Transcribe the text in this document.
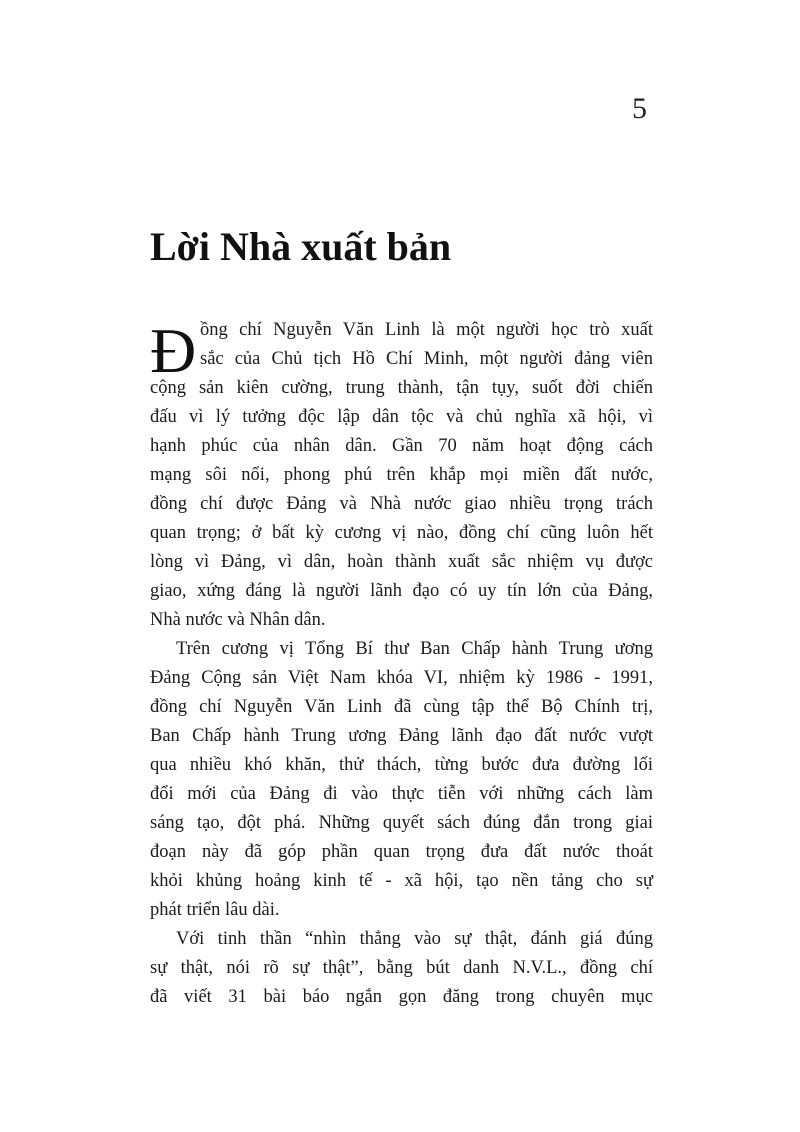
5
Lời Nhà xuất bản
Đ ồng chí Nguyễn Văn Linh là một người học trò xuất
sắc của Chủ tịch Hồ Chí Minh, một người đảng viên
cộng sản kiên cường, trung thành, tận tụy, suốt đời chiến
đấu vì lý tưởng độc lập dân tộc và chủ nghĩa xã hội, vì
hạnh phúc của nhân dân. Gần 70 năm hoạt động cách
mạng sôi nổi, phong phú trên khắp mọi miền đất nước,
đồng chí được Đảng và Nhà nước giao nhiều trọng trách
quan trọng; ở bất kỳ cương vị nào, đồng chí cũng luôn hết
lòng vì Đảng, vì dân, hoàn thành xuất sắc nhiệm vụ được
giao, xứng đáng là người lãnh đạo có uy tín lớn của Đảng,
Nhà nước và Nhân dân.
Trên cương vị Tổng Bí thư Ban Chấp hành Trung ương
Đảng Cộng sản Việt Nam khóa VI, nhiệm kỳ 1986 - 1991,
đồng chí Nguyễn Văn Linh đã cùng tập thể Bộ Chính trị,
Ban Chấp hành Trung ương Đảng lãnh đạo đất nước vượt
qua nhiều khó khăn, thử thách, từng bước đưa đường lối
đổi mới của Đảng đi vào thực tiễn với những cách làm
sáng tạo, đột phá. Những quyết sách đúng đắn trong giai
đoạn này đã góp phần quan trọng đưa đất nước thoát
khỏi khủng hoảng kinh tế - xã hội, tạo nền tảng cho sự
phát triển lâu dài.
Với tinh thần “nhìn thẳng vào sự thật, đánh giá đúng
sự thật, nói rõ sự thật”, bằng bút danh N.V.L., đồng chí
đã viết 31 bài báo ngắn gọn đăng trong chuyên mục
